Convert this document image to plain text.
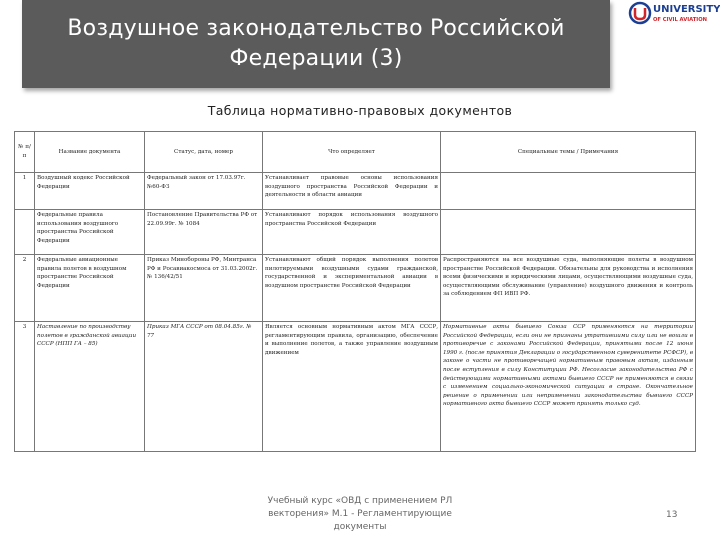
Воздушное законодательство Российской
Федерации (3)
UNIVERSITY
OF CIVIL AVIATION
Таблица нормативно-правовых документов
№ п/п	Название документа	Статус, дата, номер	Что определяет	Специальные темы / Примечания
1	Воздушный кодекс Российской Федерации	Федеральный закон от 17.03.97г. №60-ФЗ	Устанавливает правовые основы использования воздушного пространства Российской Федерации и деятельности в области авиации	
	Федеральные правила использования воздушного пространства Российской Федерации	Постановление Правительства РФ от 22.09.99г. № 1084	Устанавливают порядок использования воздушного пространства Российской Федерации	
2	Федеральные авиационные правила полетов в воздушном пространстве Российской Федерации	Приказ Минобороны РФ, Минтранса РФ и Росавиакосмоса от 31.03.2002г. № 136/42/51	Устанавливают общий порядок выполнения полетов пилотируемыми воздушными судами гражданской, государственной и экспериментальной авиации в воздушном пространстве Российской Федерации	Распространяются на все воздушные суда, выполняющие полеты в воздушном пространстве Российской Федерации. Обязательны для руководства и исполнения всеми физическими и юридическими лицами, осуществляющими воздушные суда, осуществляющими обслуживание (управление) воздушного движения и контроль за соблюдением ФП ИВП РФ.
3	Наставление по производству полетов в гражданской авиации СССР (НПП ГА – 85)	Приказ МГА СССР от 08.04.85г. № 77	Является основным нормативным актом МГА СССР, регламентирующим правила, организацию, обеспечение и выполнение полетов, а также управление воздушным движением	Нормативные акты бывшего Союза ССР применяются на территории Российской Федерации, если они не признаны утратившими силу или не вошли в противоречие с законами Российской Федерации, принятыми после 12 июня 1990 г. (после принятия Декларации о государственном суверенитете РСФСР), в законе о части не противоречащей нормативным правовым актам, изданным после вступления в силу Конституции РФ. Несогласие законодательства РФ с действующими нормативными актами бывшего СССР не применяются в связи с изменением социально-экономической ситуации в стране. Окончательное решение о применении или неприменении законодательства бывшего СССР нормативного акта бывшего СССР может принять только суд.
Учебный курс «ОВД с применением PЛ
вектoрения» M.1 - Регламентирующие
документы
13
